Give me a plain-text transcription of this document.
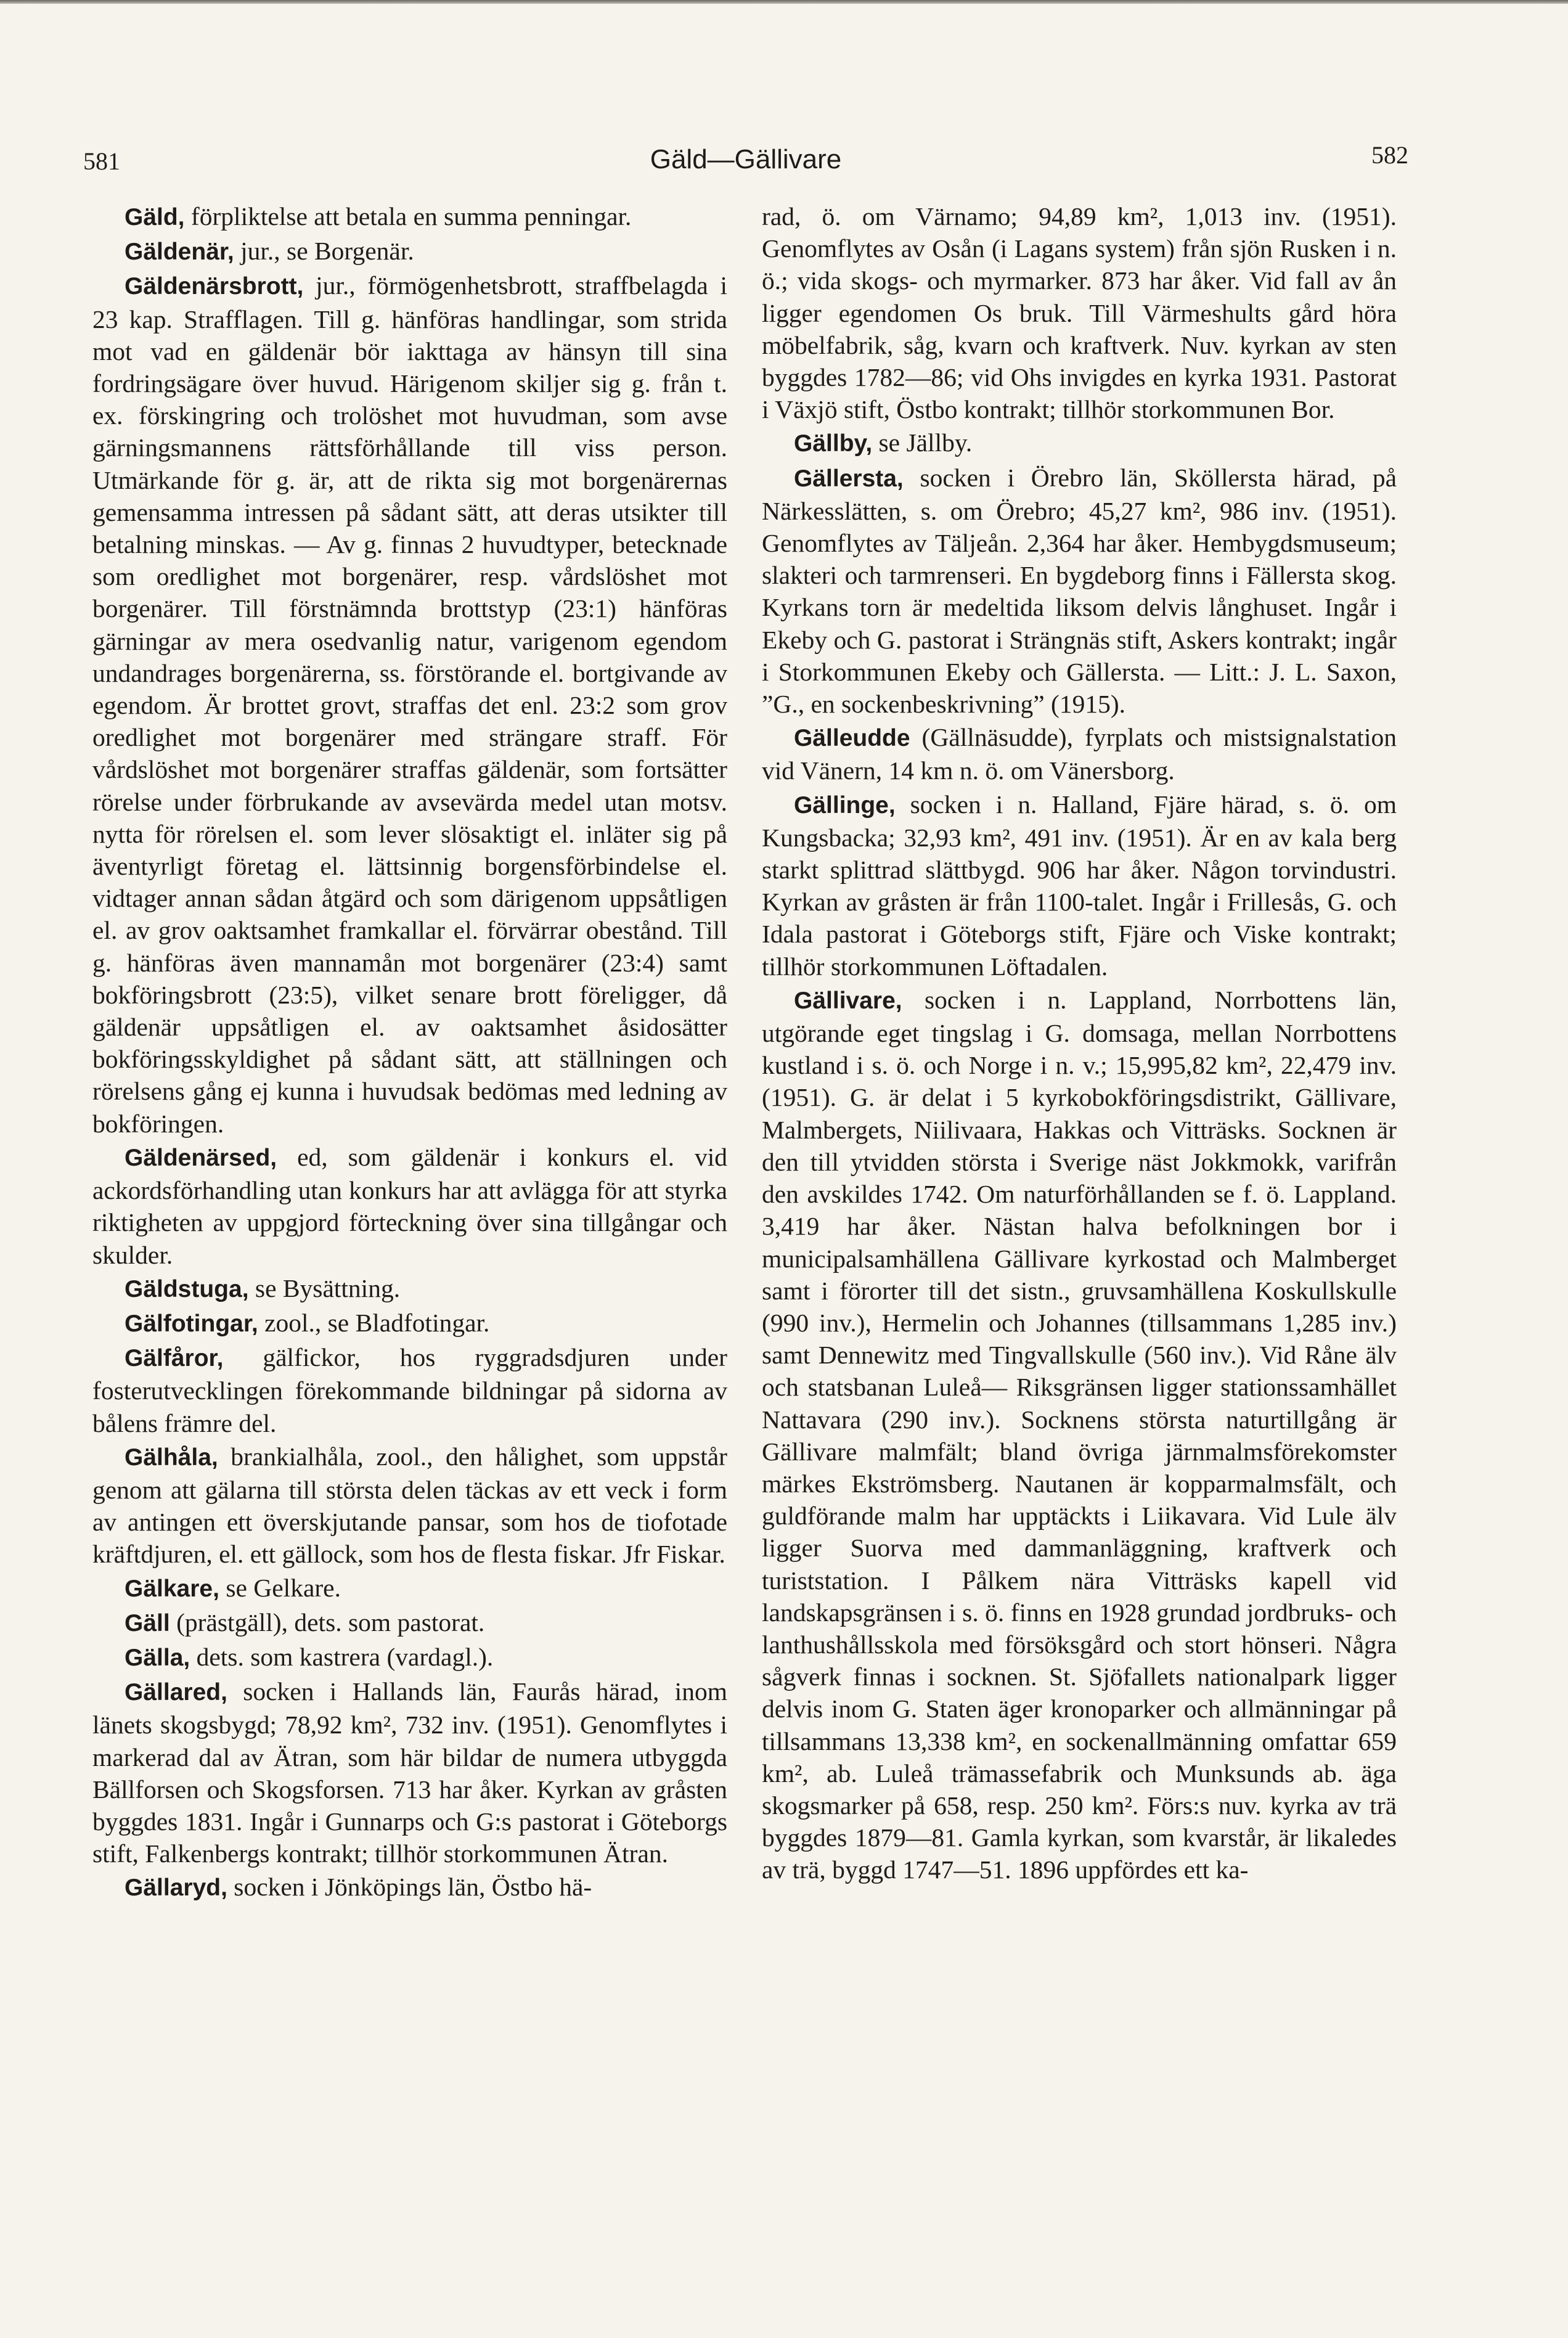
581	Gäld—Gällivare	582

Gäld, förpliktelse att betala en summa penningar.

Gäldenär, jur., se Borgenär.

Gäldenärsbrott, jur., förmögenhetsbrott, straffbelagda i 23 kap. Strafflagen. Till g. hänföras handlingar, som strida mot vad en gäldenär bör iakttaga av hänsyn till sina fordringsägare över huvud. Härigenom skiljer sig g. från t. ex. förskingring och trolöshet mot huvudman, som avse gärningsmannens rättsförhållande till viss person. Utmärkande för g. är, att de rikta sig mot borgenärernas gemensamma intressen på sådant sätt, att deras utsikter till betalning minskas. — Av g. finnas 2 huvudtyper, betecknade som oredlighet mot borgenärer, resp. vårdslöshet mot borgenärer. Till förstnämnda brottstyp (23:1) hänföras gärningar av mera osedvanlig natur, varigenom egendom undandrages borgenärerna, ss. förstörande el. bortgivande av egendom. Är brottet grovt, straffas det enl. 23:2 som grov oredlighet mot borgenärer med strängare straff. För vårdslöshet mot borgenärer straffas gäldenär, som fortsätter rörelse under förbrukande av avsevärda medel utan motsv. nytta för rörelsen el. som lever slösaktigt el. inläter sig på äventyrligt företag el. lättsinnig borgensförbindelse el. vidtager annan sådan åtgärd och som därigenom uppsåtligen el. av grov oaktsamhet framkallar el. förvärrar obestånd. Till g. hänföras även mannamån mot borgenärer (23:4) samt bokföringsbrott (23:5), vilket senare brott föreligger, då gäldenär uppsåtligen el. av oaktsamhet åsidosätter bokföringsskyldighet på sådant sätt, att ställningen och rörelsens gång ej kunna i huvudsak bedömas med ledning av bokföringen.

Gäldenärsed, ed, som gäldenär i konkurs el. vid ackordsförhandling utan konkurs har att avlägga för att styrka riktigheten av uppgjord förteckning över sina tillgångar och skulder.

Gäldstuga, se Bysättning.

Gälfotingar, zool., se Bladfotingar.

Gälfåror, gälfickor, hos ryggradsdjuren under fosterutvecklingen förekommande bildningar på sidorna av bålens främre del.

Gälhåla, brankialhåla, zool., den hålighet, som uppstår genom att gälarna till största delen täckas av ett veck i form av antingen ett överskjutande pansar, som hos de tiofotade kräftdjuren, el. ett gällock, som hos de flesta fiskar. Jfr Fiskar.

Gälkare, se Gelkare.

Gäll (prästgäll), dets. som pastorat.

Gälla, dets. som kastrera (vardagl.).

Gällared, socken i Hallands län, Faurås härad, inom länets skogsbygd; 78,92 km², 732 inv. (1951). Genomflytes i markerad dal av Ätran, som här bildar de numera utbyggda Bällforsen och Skogsforsen. 713 har åker. Kyrkan av gråsten byggdes 1831. Ingår i Gunnarps och G:s pastorat i Göteborgs stift, Falkenbergs kontrakt; tillhör storkommunen Ätran.

Gällaryd, socken i Jönköpings län, Östbo hä-

rad, ö. om Värnamo; 94,89 km², 1,013 inv. (1951). Genomflytes av Osån (i Lagans system) från sjön Rusken i n. ö.; vida skogs- och myrmarker. 873 har åker. Vid fall av ån ligger egendomen Os bruk. Till Värmeshults gård höra möbelfabrik, såg, kvarn och kraftverk. Nuv. kyrkan av sten byggdes 1782—86; vid Ohs invigdes en kyrka 1931. Pastorat i Växjö stift, Östbo kontrakt; tillhör storkommunen Bor.

Gällby, se Jällby.

Gällersta, socken i Örebro län, Sköllersta härad, på Närkesslätten, s. om Örebro; 45,27 km², 986 inv. (1951). Genomflytes av Täljeån. 2,364 har åker. Hembygdsmuseum; slakteri och tarmrenseri. En bygdeborg finns i Fällersta skog. Kyrkans torn är medeltida liksom delvis långhuset. Ingår i Ekeby och G. pastorat i Strängnäs stift, Askers kontrakt; ingår i Storkommunen Ekeby och Gällersta. — Litt.: J. L. Saxon, ”G., en sockenbeskrivning” (1915).

Gälleudde (Gällnäsudde), fyrplats och mistsignalstation vid Vänern, 14 km n. ö. om Vänersborg.

Gällinge, socken i n. Halland, Fjäre härad, s. ö. om Kungsbacka; 32,93 km², 491 inv. (1951). Är en av kala berg starkt splittrad slättbygd. 906 har åker. Någon torvindustri. Kyrkan av gråsten är från 1100-talet. Ingår i Frillesås, G. och Idala pastorat i Göteborgs stift, Fjäre och Viske kontrakt; tillhör storkommunen Löftadalen.

Gällivare, socken i n. Lappland, Norrbottens län, utgörande eget tingslag i G. domsaga, mellan Norrbottens kustland i s. ö. och Norge i n. v.; 15,995,82 km², 22,479 inv. (1951). G. är delat i 5 kyrkobokföringsdistrikt, Gällivare, Malmbergets, Niilivaara, Hakkas och Vitträsks. Socknen är den till ytvidden största i Sverige näst Jokkmokk, varifrån den avskildes 1742. Om naturförhållanden se f. ö. Lappland. 3,419 har åker. Nästan halva befolkningen bor i municipalsamhällena Gällivare kyrkostad och Malmberget samt i förorter till det sistn., gruvsamhällena Koskullskulle (990 inv.), Hermelin och Johannes (tillsammans 1,285 inv.) samt Dennewitz med Tingvallskulle (560 inv.). Vid Råne älv och statsbanan Luleå— Riksgränsen ligger stationssamhället Nattavara (290 inv.). Socknens största naturtillgång är Gällivare malmfält; bland övriga järnmalmsförekomster märkes Ekströmsberg. Nautanen är kopparmalmsfält, och guldförande malm har upptäckts i Liikavara. Vid Lule älv ligger Suorva med dammanläggning, kraftverk och turiststation. I Pålkem nära Vitträsks kapell vid landskapsgränsen i s. ö. finns en 1928 grundad jordbruks- och lanthushållsskola med försöksgård och stort hönseri. Några sågverk finnas i socknen. St. Sjöfallets nationalpark ligger delvis inom G. Staten äger kronoparker och allmänningar på tillsammans 13,338 km², en sockenallmänning omfattar 659 km², ab. Luleå trämassefabrik och Munksunds ab. äga skogsmarker på 658, resp. 250 km². Förs:s nuv. kyrka av trä byggdes 1879—81. Gamla kyrkan, som kvarstår, är likaledes av trä, byggd 1747—51. 1896 uppfördes ett ka-
